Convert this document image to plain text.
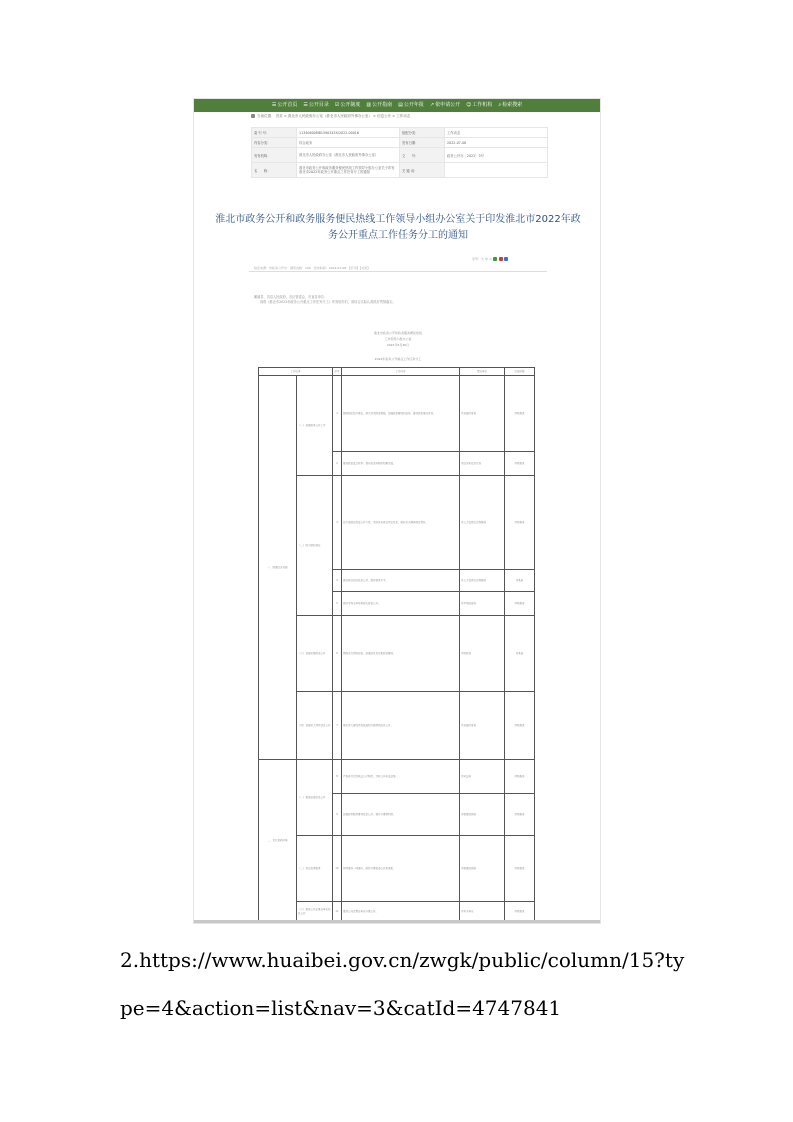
☰ 公开首页 ☰ 公开目录 ☑ 公开制度 ▥ 公开指南 ▤ 公开年报 ↗ 依申请公开 ☺ 工作机构 ⌕ 检索搜索
当前位置： 首页 > 淮北市人民政府办公室（淮北市人民政府外事办公室） > 信息公开 > 工作动态
索 引 号：	11340600MB1590345X/2022-00016	组配分类：	工作动态
内容分类：	综合政务	发布日期：	2022-07-08
发布机构：	淮北市人民政府办公室（淮北市人民政府外事办公室）	文　　号：	政务公开办〔2022〕3号
名　　称：	淮北市政务公开和政务服务便民热线工作领导小组办公室关于印发淮北市2022年政务公开重点工作任务分工的通知	关 键 词：	
淮北市政务公开和政务服务便民热线工作领导小组办公室关于印发淮北市2022年政务公开重点工作任务分工的通知
字号：大 中 小
信息来源：市政务公开办　浏览次数：100　发布时间：2022-07-08　【打印】【关闭】
濉溪县、各县人民政府，各区管委会，市直各单位：
现将《淮北市2022年政务公开重点工作任务分工》印发给你们，请结合实际认真抓好贯彻落实。
淮北市政务公开和政务服务便民热线
工作领导小组办公室
2022年6月30日
2022年政务公开重点工作任务分工
工作任务		序号	工作内容	责任单位	完成时限
一、助推经济发展	（一）加强政务公开工作	1	围绕稳定经济增长，落实各项政策措施，加强政策解读和宣传，推动政策落地见效。	市发展改革委	持续推进
		2	推进政策直达快享，提升政策知晓度和惠及面。	市经济和信息化局	持续推进
	（二）助力做好就业	3	加大稳就业政策公开力度，及时发布就业岗位信息，做好重点群体就业帮扶。	市人力资源社会保障局	持续推进
		4	做好就业创业信息公开，提升服务水平。	市人力资源社会保障局	年底前
		5	做好市场主体培育相关政策公开。	市市场监管局	持续推进
	（三）加强重要政策公开	6	围绕重点领域改革，加强信息发布和政策解读。	市财政局	年底前
	（四）加强重大项目信息公开	7	做好重大建设项目批准和实施领域信息公开。	市发展改革委	持续推进
二、优化营商环境	（一）推进监管信息公开	8	严格执行行政执法公示制度，及时公开执法结果。	市司法局	持续推进
		9	加强政务服务事项信息公开，提升办事便利度。	市数据资源局	持续推进
	（二）优化政务服务	10	持续推进一网通办，做好办事指南公开和更新。	市数据资源局	持续推进
	（三）推进公共企事业单位信息公开	11	推进公共企事业单位办事公开。	市有关单位	持续推进
2.https://www.huaibei.gov.cn/zwgk/public/column/15?type=4&action=list&nav=3&catId=4747841
